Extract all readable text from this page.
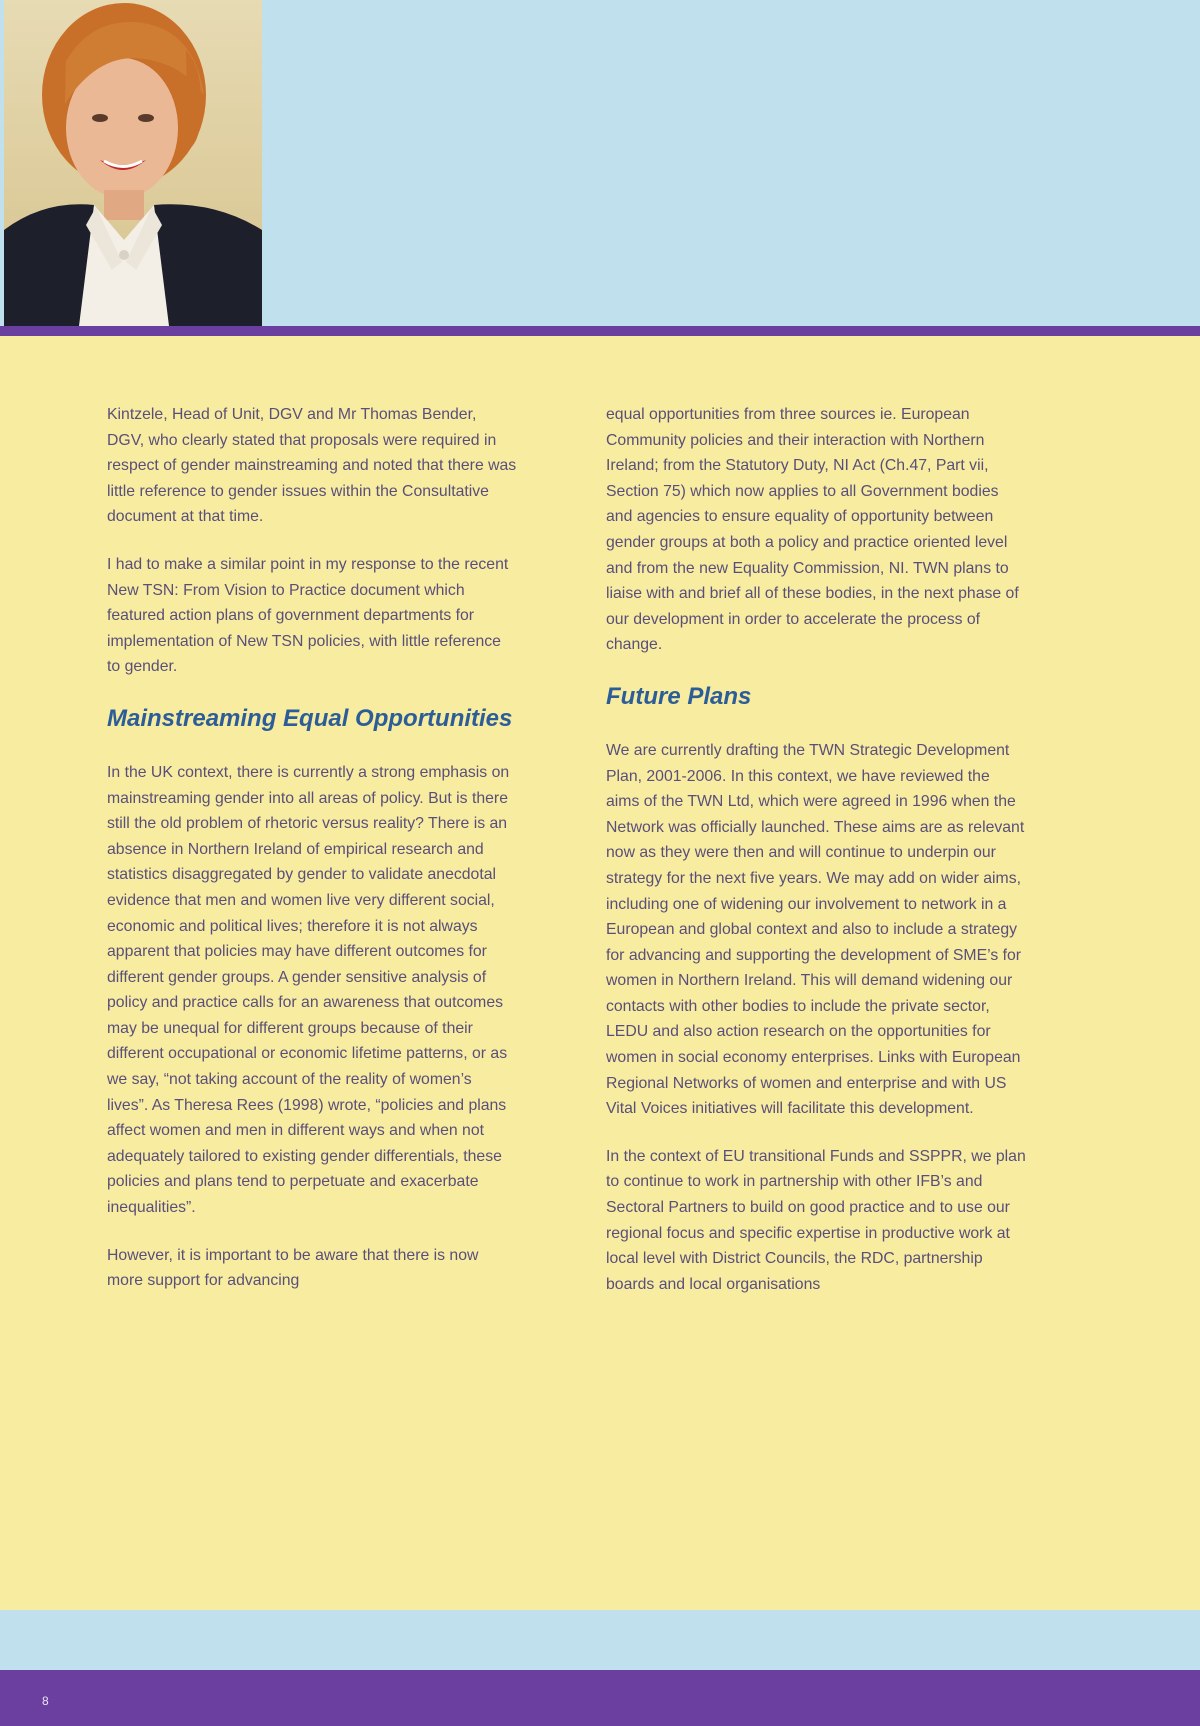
Kintzele, Head of Unit, DGV and Mr Thomas Bender, DGV, who clearly stated that proposals were required in respect of gender mainstreaming and noted that there was little reference to gender issues within the Consultative document at that time.

I had to make a similar point in my response to the recent New TSN: From Vision to Practice document which featured action plans of government departments for implementation of New TSN policies, with little reference to gender.

Mainstreaming Equal Opportunities

In the UK context, there is currently a strong emphasis on mainstreaming gender into all areas of policy. But is there still the old problem of rhetoric versus reality? There is an absence in Northern Ireland of empirical research and statistics disaggregated by gender to validate anecdotal evidence that men and women live very different social, economic and political lives; therefore it is not always apparent that policies may have different outcomes for different gender groups. A gender sensitive analysis of policy and practice calls for an awareness that outcomes may be unequal for different groups because of their different occupational or economic lifetime patterns, or as we say, “not taking account of the reality of women’s lives”. As Theresa Rees (1998) wrote, “policies and plans affect women and men in different ways and when not adequately tailored to existing gender differentials, these policies and plans tend to perpetuate and exacerbate inequalities”.

However, it is important to be aware that there is now more support for advancing

equal opportunities from three sources ie. European Community policies and their interaction with Northern Ireland; from the Statutory Duty, NI Act (Ch.47, Part vii, Section 75) which now applies to all Government bodies and agencies to ensure equality of opportunity between gender groups at both a policy and practice oriented level and from the new Equality Commission, NI. TWN plans to liaise with and brief all of these bodies, in the next phase of our development in order to accelerate the process of change.

Future Plans

We are currently drafting the TWN Strategic Development Plan, 2001-2006. In this context, we have reviewed the aims of the TWN Ltd, which were agreed in 1996 when the Network was officially launched. These aims are as relevant now as they were then and will continue to underpin our strategy for the next five years. We may add on wider aims, including one of widening our involvement to network in a European and global context and also to include a strategy for advancing and supporting the development of SME’s for women in Northern Ireland. This will demand widening our contacts with other bodies to include the private sector, LEDU and also action research on the opportunities for women in social economy enterprises. Links with European Regional Networks of women and enterprise and with US Vital Voices initiatives will facilitate this development.

In the context of EU transitional Funds and SSPPR, we plan to continue to work in partnership with other IFB’s and Sectoral Partners to build on good practice and to use our regional focus and specific expertise in productive work at local level with District Councils, the RDC, partnership boards and local organisations

8
